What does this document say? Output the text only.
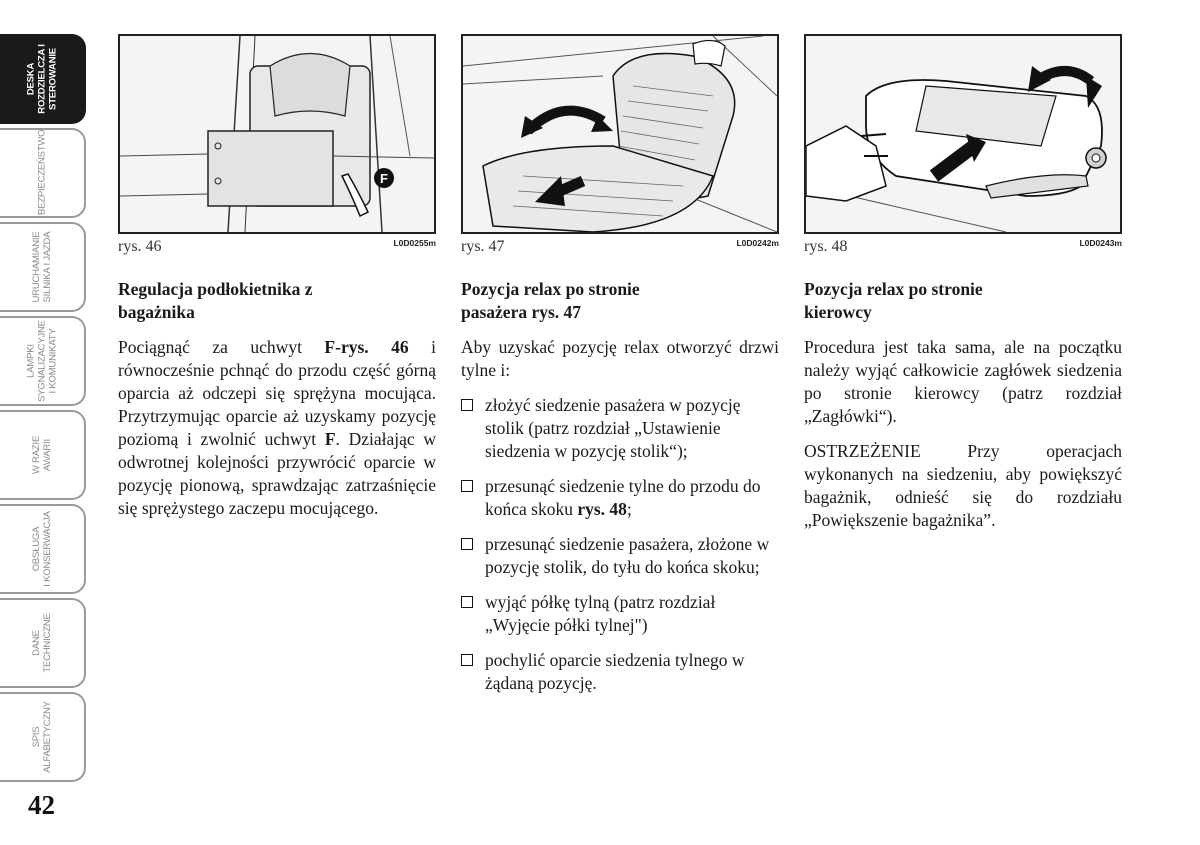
DESKA
ROZDZIELCZA I
STEROWANIE
BEZPIECZEŃSTWO
URUCHAMIANIE
SILNIKA I JAZDA
LAMPKI
SYGNALIZACYJNE
I KOMUNIKATY
W RAZIE
AWARII
OBSŁUGA
I KONSERWACJA
DANE
TECHNICZNE
SPIS
ALFABETYCZNY
42
F
rys. 46	L0D0255m
Regulacja podłokietnika z
bagażnika

Pociągnąć za uchwyt F-rys. 46 i równocześnie pchnąć do przodu część górną oparcia aż odczepi się sprężyna mocująca. Przytrzymując oparcie aż uzyskamy pozycję poziomą i zwolnić uchwyt F. Działając w odwrotnej kolejności przywrócić oparcie w pozycję pionową, sprawdzając zatrzaśnięcie się sprężystego zaczepu mocującego.

rys. 47	L0D0242m
Pozycja relax po stronie
pasażera rys. 47

Aby uzyskać pozycję relax otworzyć drzwi tylne i:

złożyć siedzenie pasażera w pozycję stolik (patrz rozdział „Ustawienie siedzenia w pozycję stolik“);
przesunąć siedzenie tylne do przodu do końca skoku rys. 48;
przesunąć siedzenie pasażera, złożone w pozycję stolik, do tyłu do końca skoku;
wyjąć półkę tylną (patrz rozdział „Wyjęcie półki tylnej")
pochylić oparcie siedzenia tylnego w żądaną pozycję.
rys. 48	L0D0243m
Pozycja relax po stronie
kierowcy

Procedura jest taka sama, ale na początku należy wyjąć całkowicie zagłówek siedzenia po stronie kierowcy (patrz rozdział „Zagłówki“).

OSTRZEŻENIE Przy operacjach wykonanych na siedzeniu, aby powiększyć bagażnik, odnieść się do rozdziału „Powiększenie bagażnika”.
